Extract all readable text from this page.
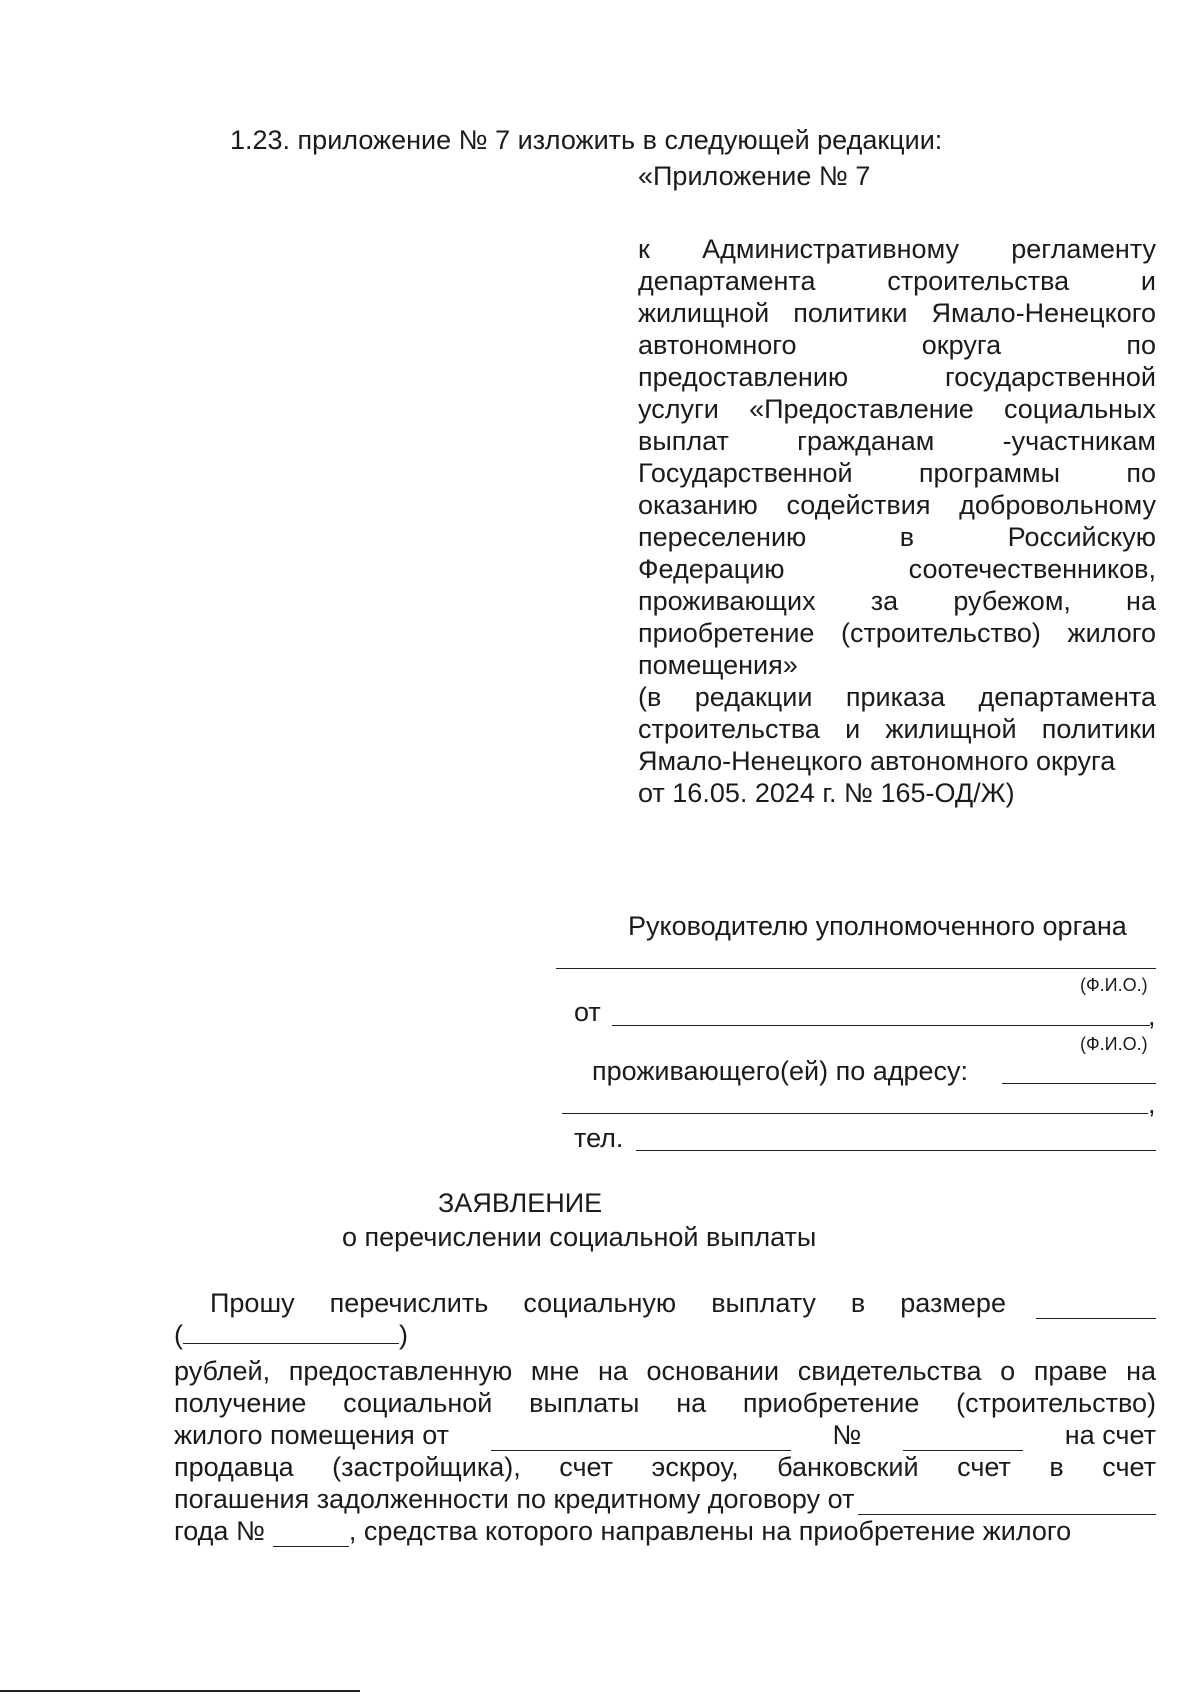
1.23. приложение № 7 изложить в следующей редакции:
«Приложение № 7
к Административному регламенту
департамента строительства и
жилищной политики Ямало-Ненецкого
автономного округа по
предоставлению государственной
услуги «Предоставление социальных
выплат гражданам -участникам
Государственной программы по
оказанию содействия добровольному
переселению в Российскую
Федерацию соотечественников,
проживающих за рубежом, на
приобретение (строительство) жилого
помещения»
(в редакции приказа департамента
строительства и жилищной политики
Ямало-Ненецкого автономного округа
от 16.05. 2024 г. № 165-ОД/Ж)
Руководителю уполномоченного органа
(Ф.И.О.)
от	,
(Ф.И.О.)
проживающего(ей) по адресу:
,
тел.
ЗАЯВЛЕНИЕ
о перечислении социальной выплаты
Прошу перечислить социальную выплату в размере
(	)
рублей, предоставленную мне на основании свидетельства о праве на
получение социальной выплаты на приобретение (строительство)
жилого помещения от	№	на счет
продавца (застройщика), счет эскроу, банковский счет в счет
погашения задолженности по кредитному договору от
года №	, средства которого направлены на приобретение жилого
